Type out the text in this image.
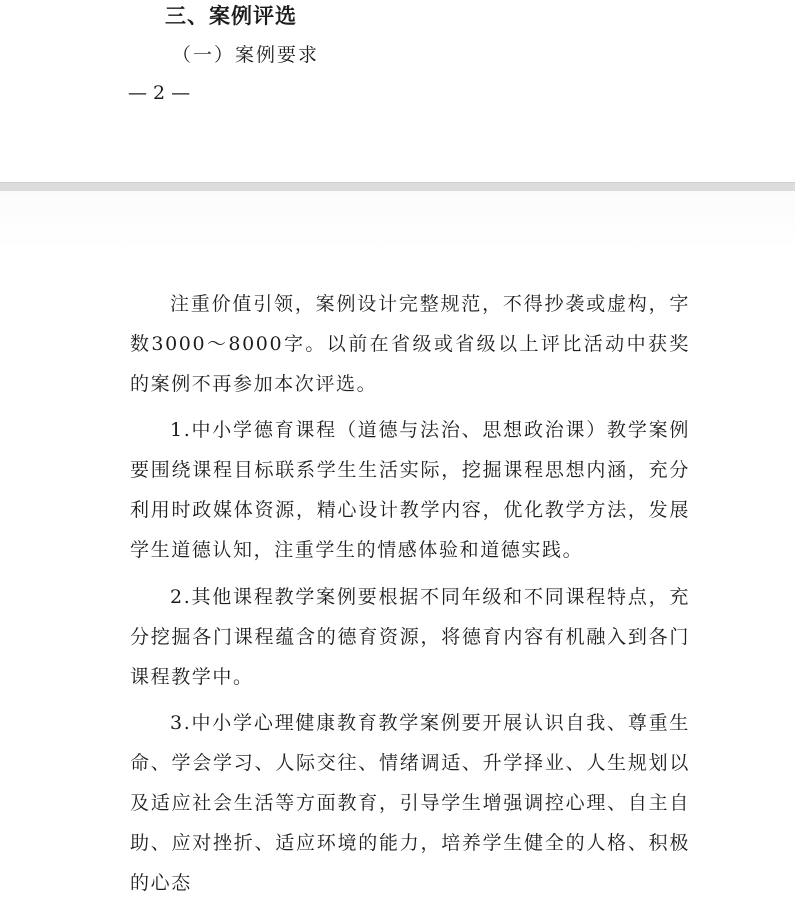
三、案例评选
（一）案例要求
— 2 —

注重价值引领，案例设计完整规范，不得抄袭或虚构，字数3000～8000字。以前在省级或省级以上评比活动中获奖的案例不再参加本次评选。

1.中小学德育课程（道德与法治、思想政治课）教学案例要围绕课程目标联系学生生活实际，挖掘课程思想内涵，充分利用时政媒体资源，精心设计教学内容，优化教学方法，发展学生道德认知，注重学生的情感体验和道德实践。

2.其他课程教学案例要根据不同年级和不同课程特点，充分挖掘各门课程蕴含的德育资源，将德育内容有机融入到各门课程教学中。

3.中小学心理健康教育教学案例要开展认识自我、尊重生命、学会学习、人际交往、情绪调适、升学择业、人生规划以及适应社会生活等方面教育，引导学生增强调控心理、自主自助、应对挫折、适应环境的能力，培养学生健全的人格、积极的心态
